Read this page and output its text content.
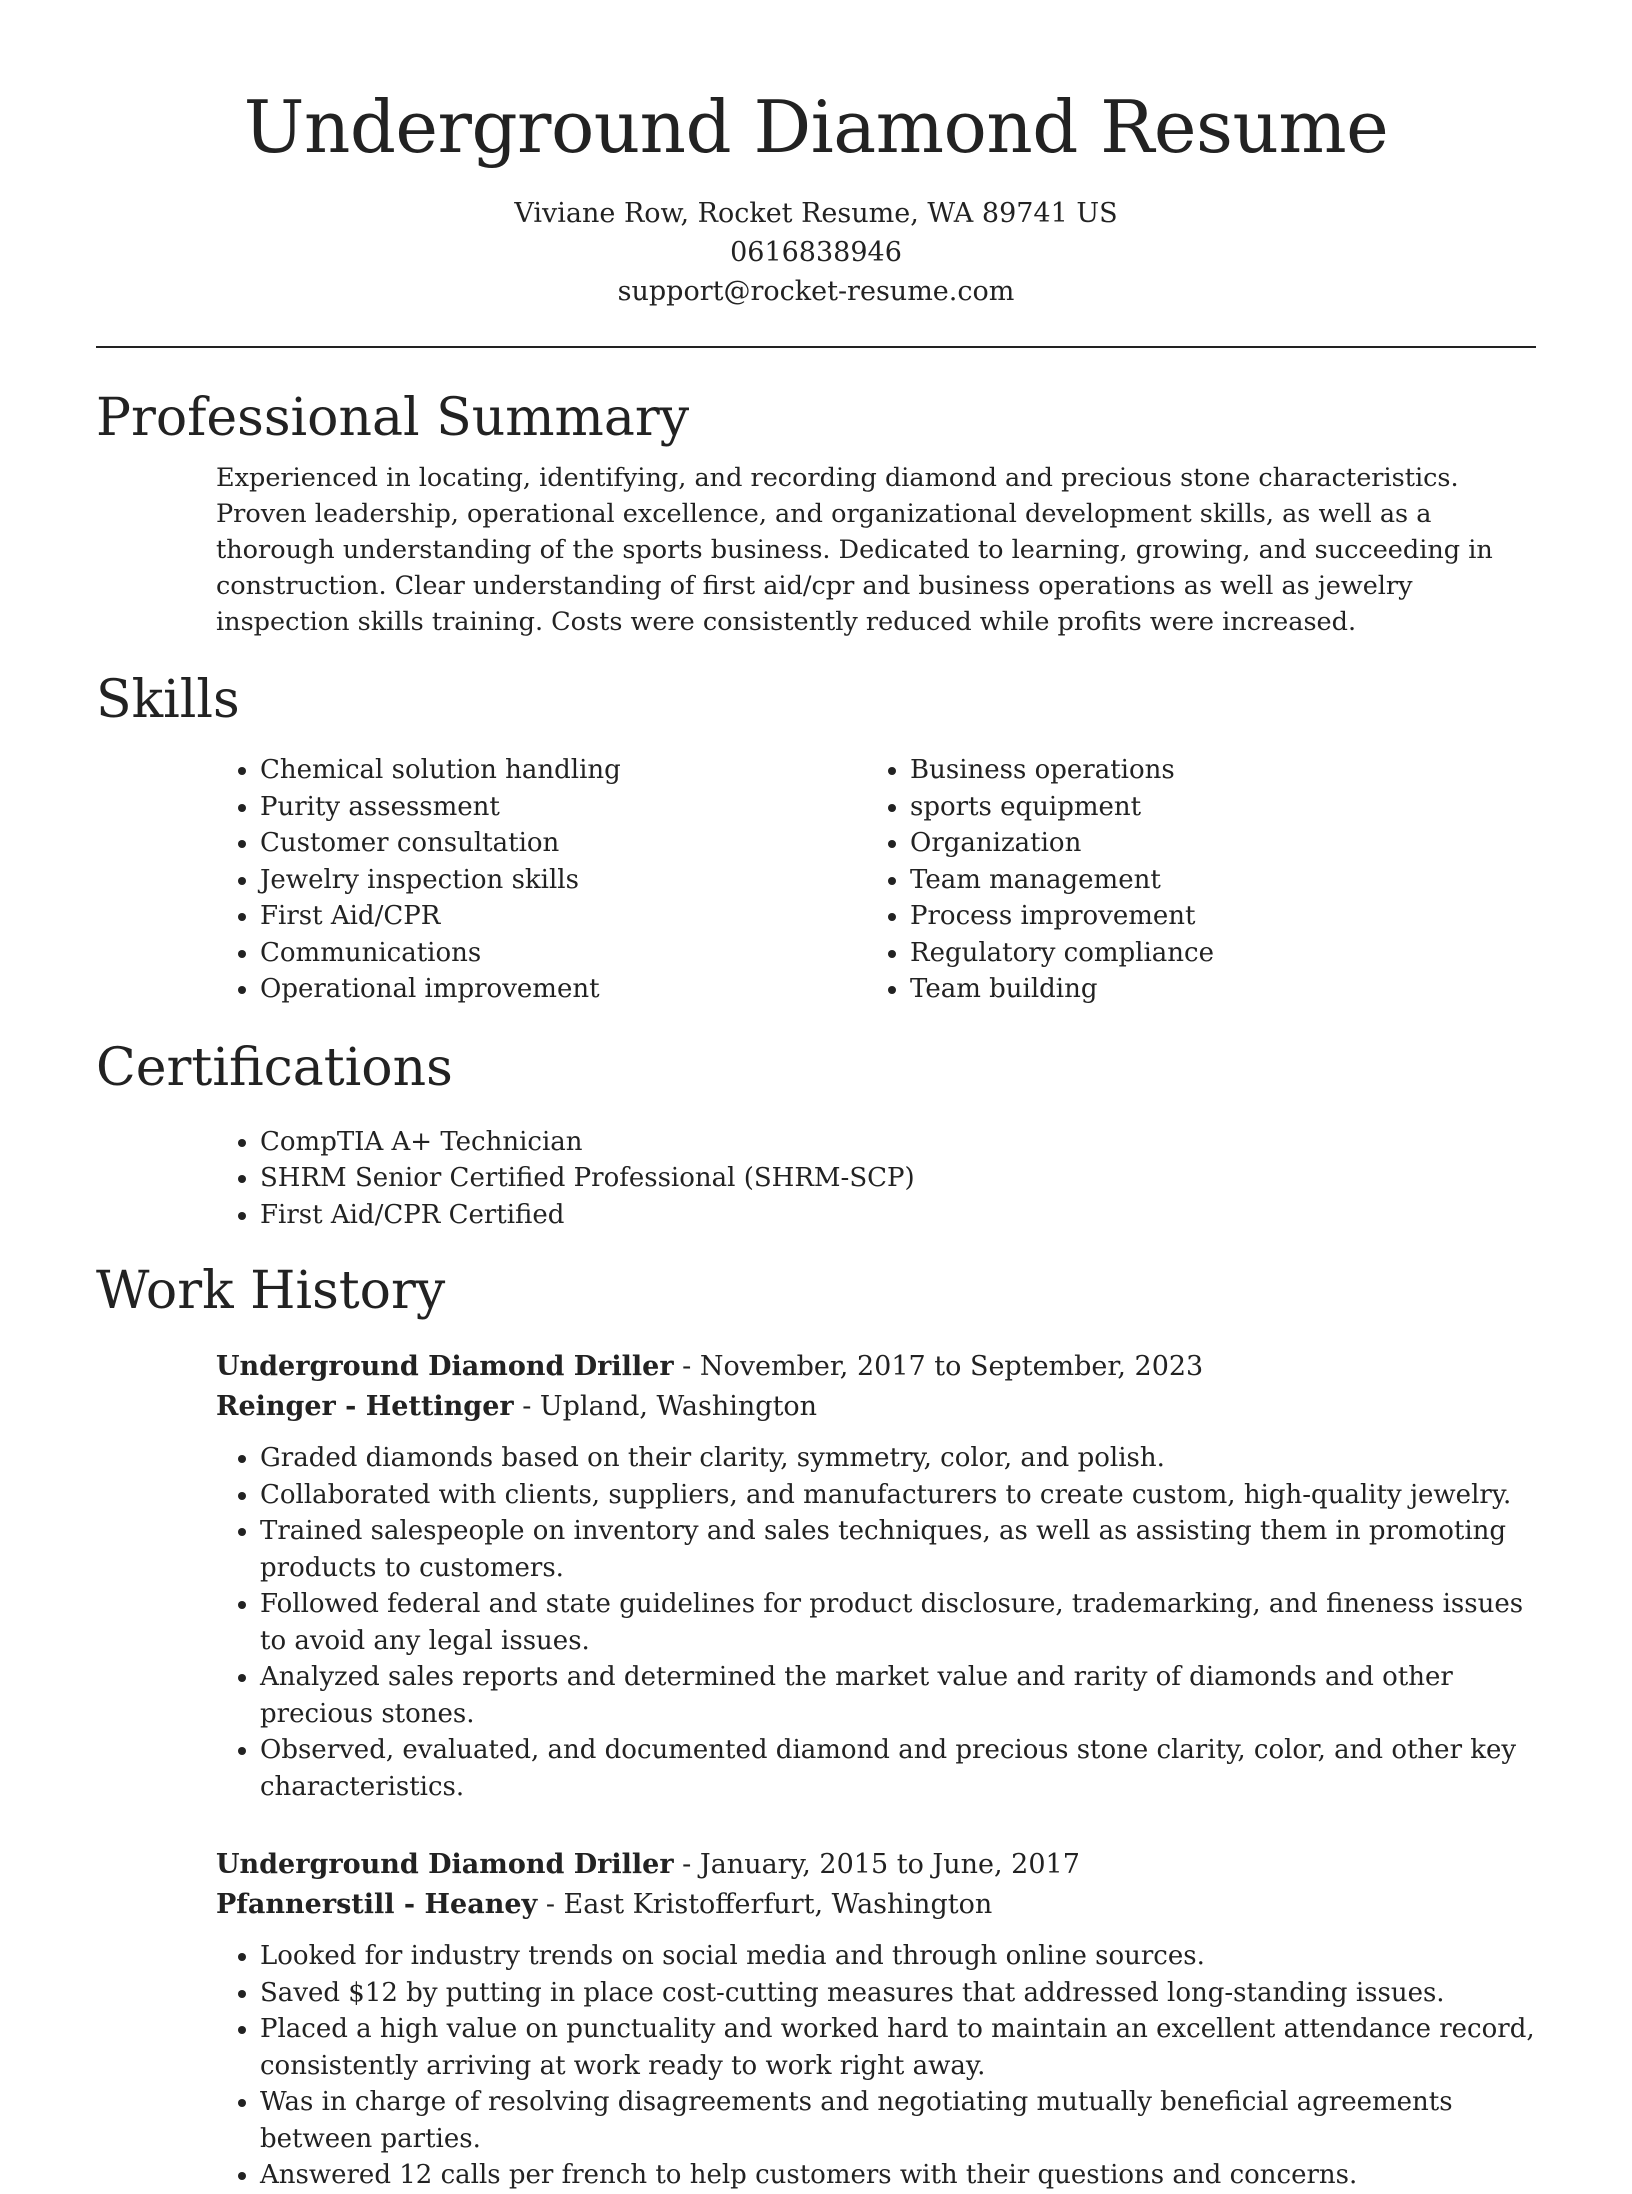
Underground Diamond Resume
Viviane Row, Rocket Resume, WA 89741 US
0616838946
support@rocket-resume.com
Professional Summary

Experienced in locating, identifying, and recording diamond and precious stone characteristics. Proven leadership, operational excellence, and organizational development skills, as well as a thorough understanding of the sports business. Dedicated to learning, growing, and succeeding in construction. Clear understanding of first aid/cpr and business operations as well as jewelry inspection skills training. Costs were consistently reduced while profits were increased.

Skills
• Chemical solution handling
• Purity assessment
• Customer consultation
• Jewelry inspection skills
• First Aid/CPR
• Communications
• Operational improvement
• Business operations
• sports equipment
• Organization
• Team management
• Process improvement
• Regulatory compliance
• Team building
Certifications
• CompTIA A+ Technician
• SHRM Senior Certified Professional (SHRM-SCP)
• First Aid/CPR Certified
Work History
Underground Diamond Driller - November, 2017 to September, 2023
Reinger - Hettinger - Upland, Washington
• Graded diamonds based on their clarity, symmetry, color, and polish.
• Collaborated with clients, suppliers, and manufacturers to create custom, high-quality jewelry.
• Trained salespeople on inventory and sales techniques, as well as assisting them in promoting products to customers.
• Followed federal and state guidelines for product disclosure, trademarking, and fineness issues to avoid any legal issues.
• Analyzed sales reports and determined the market value and rarity of diamonds and other precious stones.
• Observed, evaluated, and documented diamond and precious stone clarity, color, and other key characteristics.
Underground Diamond Driller - January, 2015 to June, 2017
Pfannerstill - Heaney - East Kristofferfurt, Washington
• Looked for industry trends on social media and through online sources.
• Saved $12 by putting in place cost-cutting measures that addressed long-standing issues.
• Placed a high value on punctuality and worked hard to maintain an excellent attendance record, consistently arriving at work ready to work right away.
• Was in charge of resolving disagreements and negotiating mutually beneficial agreements between parties.
• Answered 12 calls per french to help customers with their questions and concerns.
